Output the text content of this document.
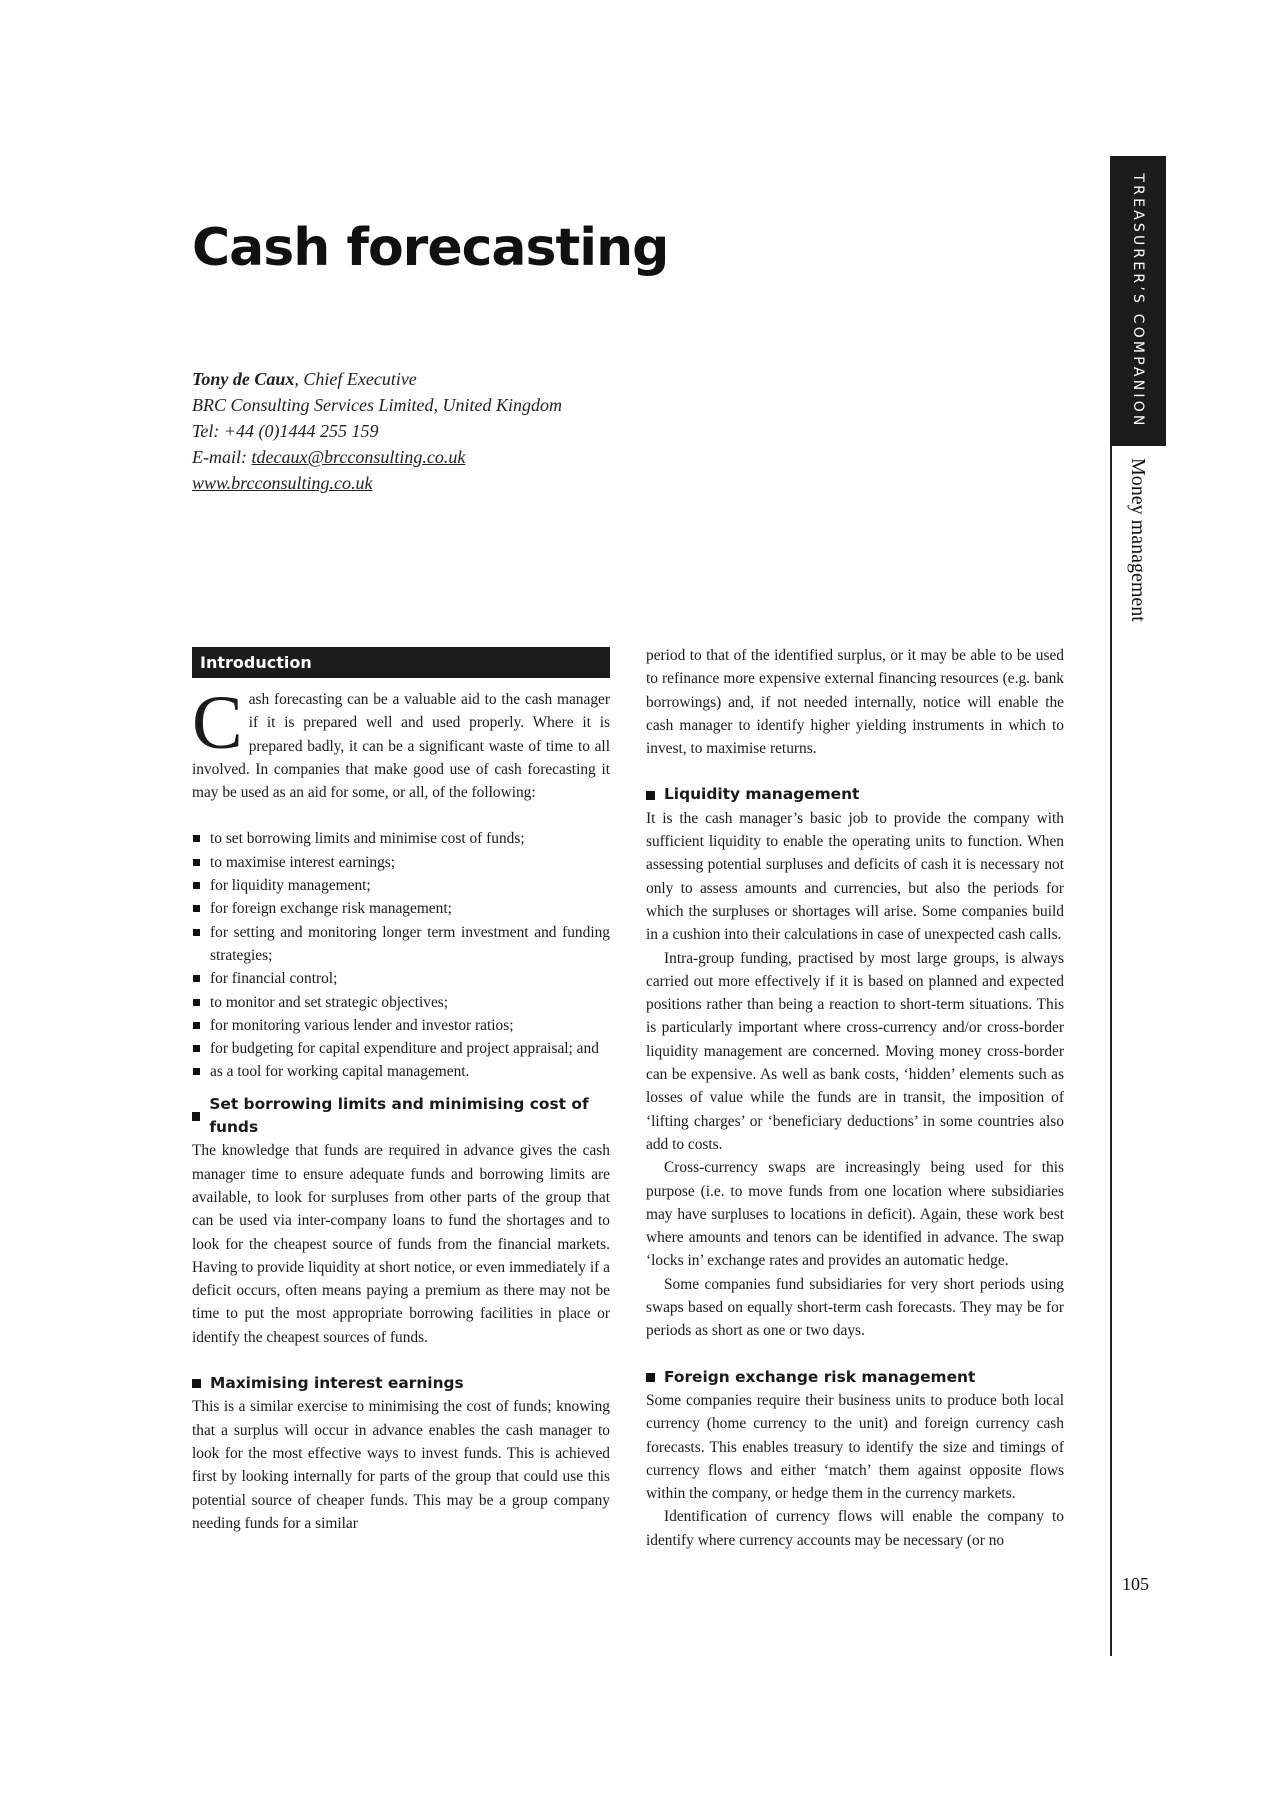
Cash forecasting
Tony de Caux, Chief Executive
BRC Consulting Services Limited, United Kingdom
Tel: +44 (0)1444 255 159
E-mail: tdecaux@brcconsulting.co.uk
www.brcconsulting.co.uk
TREASURER’S COMPANION
Money management
105
Introduction

Cash forecasting can be a valuable aid to the cash manager if it is prepared well and used properly. Where it is prepared badly, it can be a significant waste of time to all involved. In companies that make good use of cash forecasting it may be used as an aid for some, or all, of the following:

to set borrowing limits and minimise cost of funds;
to maximise interest earnings;
for liquidity management;
for foreign exchange risk management;
for setting and monitoring longer term investment and funding strategies;
for financial control;
to monitor and set strategic objectives;
for monitoring various lender and investor ratios;
for budgeting for capital expenditure and project appraisal; and
as a tool for working capital management.
Set borrowing limits and minimising cost of funds

The knowledge that funds are required in advance gives the cash manager time to ensure adequate funds and borrowing limits are available, to look for surpluses from other parts of the group that can be used via inter-company loans to fund the shortages and to look for the cheapest source of funds from the financial markets. Having to provide liquidity at short notice, or even immediately if a deficit occurs, often means paying a premium as there may not be time to put the most appropriate borrowing facilities in place or identify the cheapest sources of funds.

Maximising interest earnings

This is a similar exercise to minimising the cost of funds; knowing that a surplus will occur in advance enables the cash manager to look for the most effective ways to invest funds. This is achieved first by looking internally for parts of the group that could use this potential source of cheaper funds. This may be a group company needing funds for a similar

period to that of the identified surplus, or it may be able to be used to refinance more expensive external financing resources (e.g. bank borrowings) and, if not needed internally, notice will enable the cash manager to identify higher yielding instruments in which to invest, to maximise returns.

Liquidity management

It is the cash manager’s basic job to provide the company with sufficient liquidity to enable the operating units to function. When assessing potential surpluses and deficits of cash it is necessary not only to assess amounts and currencies, but also the periods for which the surpluses or shortages will arise. Some companies build in a cushion into their calculations in case of unexpected cash calls.

Intra-group funding, practised by most large groups, is always carried out more effectively if it is based on planned and expected positions rather than being a reaction to short-term situations. This is particularly important where cross-currency and/or cross-border liquidity management are concerned. Moving money cross-border can be expensive. As well as bank costs, ‘hidden’ elements such as losses of value while the funds are in transit, the imposition of ‘lifting charges’ or ‘beneficiary deductions’ in some countries also add to costs.

Cross-currency swaps are increasingly being used for this purpose (i.e. to move funds from one location where subsidiaries may have surpluses to locations in deficit). Again, these work best where amounts and tenors can be identified in advance. The swap ‘locks in’ exchange rates and provides an automatic hedge.

Some companies fund subsidiaries for very short periods using swaps based on equally short-term cash forecasts. They may be for periods as short as one or two days.

Foreign exchange risk management

Some companies require their business units to produce both local currency (home currency to the unit) and foreign currency cash forecasts. This enables treasury to identify the size and timings of currency flows and either ‘match’ them against opposite flows within the company, or hedge them in the currency markets.

Identification of currency flows will enable the company to identify where currency accounts may be necessary (or no
